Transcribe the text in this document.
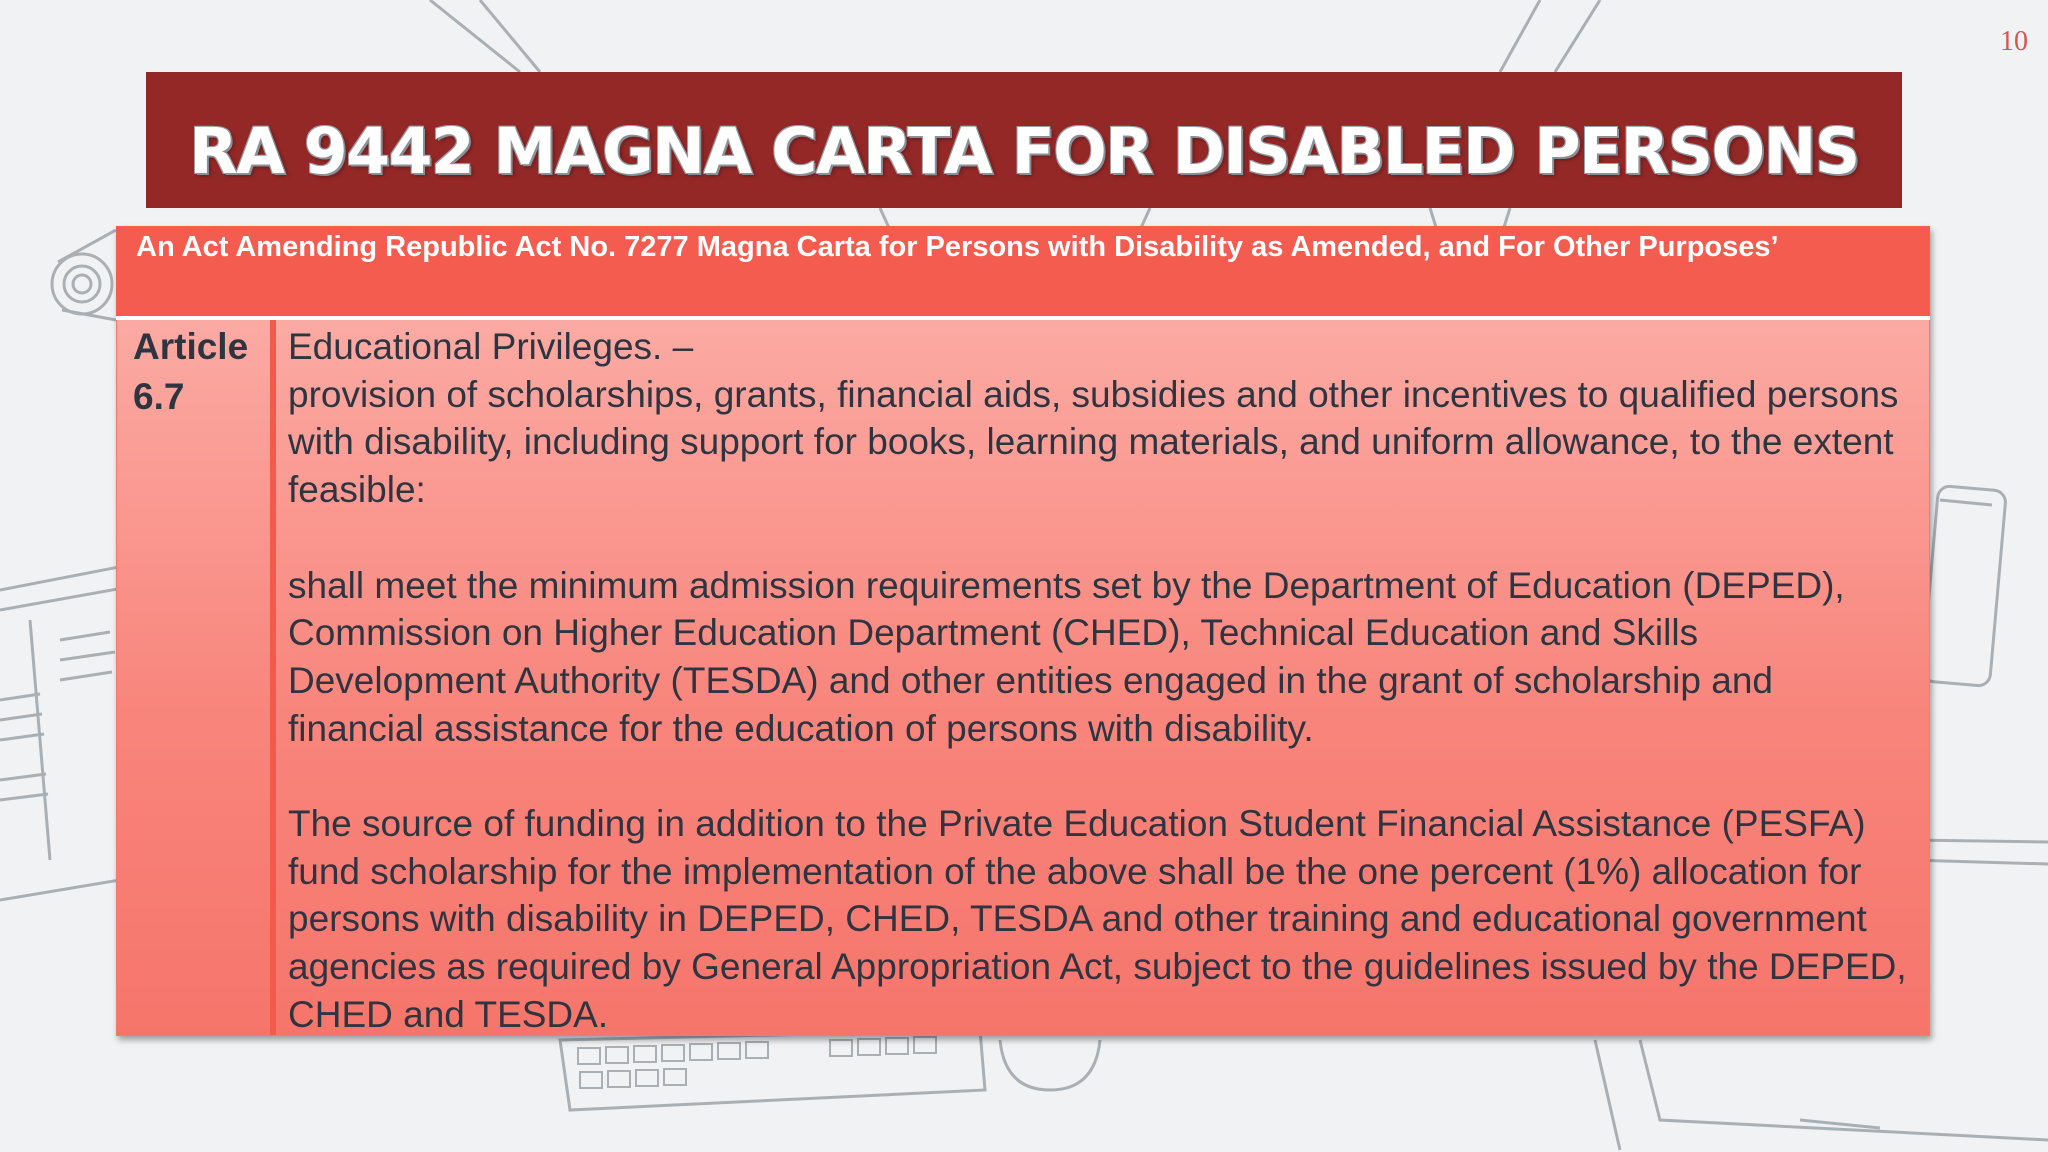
10
RA 9442 MAGNA CARTA FOR DISABLED PERSONS

An Act Amending Republic Act No. 7277 Magna Carta for Persons with Disability as Amended, and For Other Purposes’

Article
6.7

Educational Privileges. –

provision of scholarships, grants, financial aids, subsidies and other incentives to qualified persons with disability, including support for books, learning materials, and uniform allowance, to the extent feasible:

shall meet the minimum admission requirements set by the Department of Education (DEPED), Commission on Higher Education Department (CHED), Technical Education and Skills Development Authority (TESDA) and other entities engaged in the grant of scholarship and financial assistance for the education of persons with disability.

The source of funding in addition to the Private Education Student Financial Assistance (PESFA) fund scholarship for the implementation of the above shall be the one percent (1%) allocation for persons with disability in DEPED, CHED, TESDA and other training and educational government agencies as required by General Appropriation Act, subject to the guidelines issued by the DEPED, CHED and TESDA.
